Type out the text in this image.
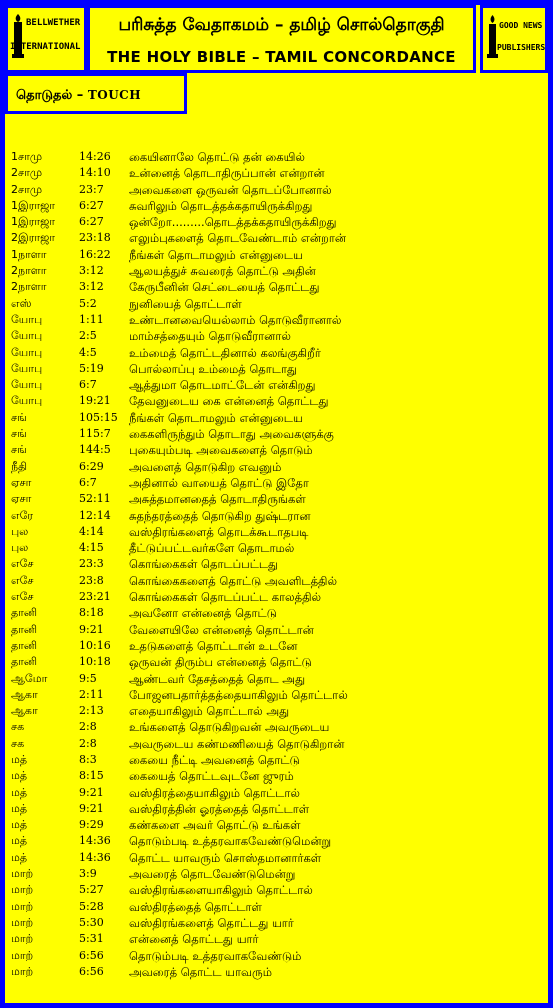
BELLWETHER
INTERNATIONAL
பரிசுத்த வேதாகமம் – தமிழ் சொல்தொகுதி
THE HOLY BIBLE – TAMIL CONCORDANCE
GOOD NEWS
PUBLISHERS
தொடுதல் – TOUCH
1சாமு	14:26	கையினாலே தொட்டு தன் கையில்
2சாமு	14:10	உன்னைத் தொடாதிருப்பான் என்றான்
2சாமு	23:7	அவைகளை ஒருவன் தொடப்போனால்
1இராஜா	6:27	சுவரிலும் தொடத்தக்கதாயிருக்கிறது
1இராஜா	6:27	ஒன்றோ.........தொடத்தக்கதாயிருக்கிறது
2இராஜா	23:18	எலும்புகளைத் தொடவேண்டாம் என்றான்
1நாளா	16:22	நீங்கள் தொடாமலும் என்னுடைய
2நாளா	3:12	ஆலயத்துச் சுவரைத் தொட்டு அதின்
2நாளா	3:12	கேருபீனின் செட்டையைத் தொட்டது
எஸ்	5:2	நுனியைத் தொட்டாள்
யோபு	1:11	உண்டானவையெல்லாம் தொடுவீரானால்
யோபு	2:5	மாம்சத்தையும் தொடுவீரானால்
யோபு	4:5	உம்மைத் தொட்டதினால் கலங்குகிறீர்
யோபு	5:19	பொல்லாப்பு உம்மைத் தொடாது
யோபு	6:7	ஆத்துமா தொடமாட்டேன் என்கிறது
யோபு	19:21	தேவனுடைய கை என்னைத் தொட்டது
சங்	105:15 நீங்கள் தொடாமலும் என்னுடைய
சங்	115:7	கைகளிருந்தும் தொடாது அவைகளுக்கு
சங்	144:5	புகையும்படி அவைகளைத் தொடும்
நீதி	6:29	அவளைத் தொடுகிற எவனும்
ஏசா	6:7	அதினால் வாயைத் தொட்டு இதோ
ஏசா	52:11	அசுத்தமானதைத் தொடாதிருங்கள்
எரே	12:14	சுதந்தரத்தைத் தொடுகிற துஷ்டரான
புல	4:14	வஸ்திரங்களைத் தொடக்கூடாதபடி
புல	4:15	தீட்டுப்பட்டவர்களே தொடாமல்
எசே	23:3	கொங்கைகள் தொடப்பட்டது
எசே	23:8	கொங்கைகளைத் தொட்டு அவளிடத்தில்
எசே	23:21	கொங்கைகள் தொடப்பட்ட காலத்தில்
தானி	8:18	அவனோ என்னைத் தொட்டு
தானி	9:21	வேளையிலே என்னைத் தொட்டான்
தானி	10:16	உதடுகளைத் தொட்டான் உடனே
தானி	10:18	ஒருவன் திரும்ப என்னைத் தொட்டு
ஆமோ	9:5	ஆண்டவர் தேசத்தைத் தொட அது
ஆகா	2:11	போஜனபதார்த்தத்தையாகிலும் தொட்டால்
ஆகா	2:13	எதையாகிலும் தொட்டால் அது
சக	2:8	உங்களைத் தொடுகிறவன் அவருடைய
சக	2:8	அவருடைய கண்மணியைத் தொடுகிறான்
மத்	8:3	கையை நீட்டி அவனைத் தொட்டு
மத்	8:15	கையைத் தொட்டவுடனே ஜுரம்
மத்	9:21	வஸ்திரத்தையாகிலும் தொட்டால்
மத்	9:21	வஸ்திரத்தின் ஓரத்தைத் தொட்டாள்
மத்	9:29	கண்களை அவர் தொட்டு உங்கள்
மத்	14:36	தொடும்படி உத்தரவாகவேண்டுமென்று
மத்	14:36	தொட்ட யாவரும் சொஸ்தமானார்கள்
மாற்	3:9	அவரைத் தொடவேண்டுமென்று
மாற்	5:27	வஸ்திரங்களையாகிலும் தொட்டால்
மாற்	5:28	வஸ்திரத்தைத் தொட்டாள்
மாற்	5:30	வஸ்திரங்களைத் தொட்டது யார்
மாற்	5:31	என்னைத் தொட்டது யார்
மாற்	6:56	தொடும்படி உத்தரவாகவேண்டும்
மாற்	6:56	அவரைத் தொட்ட யாவரும்
